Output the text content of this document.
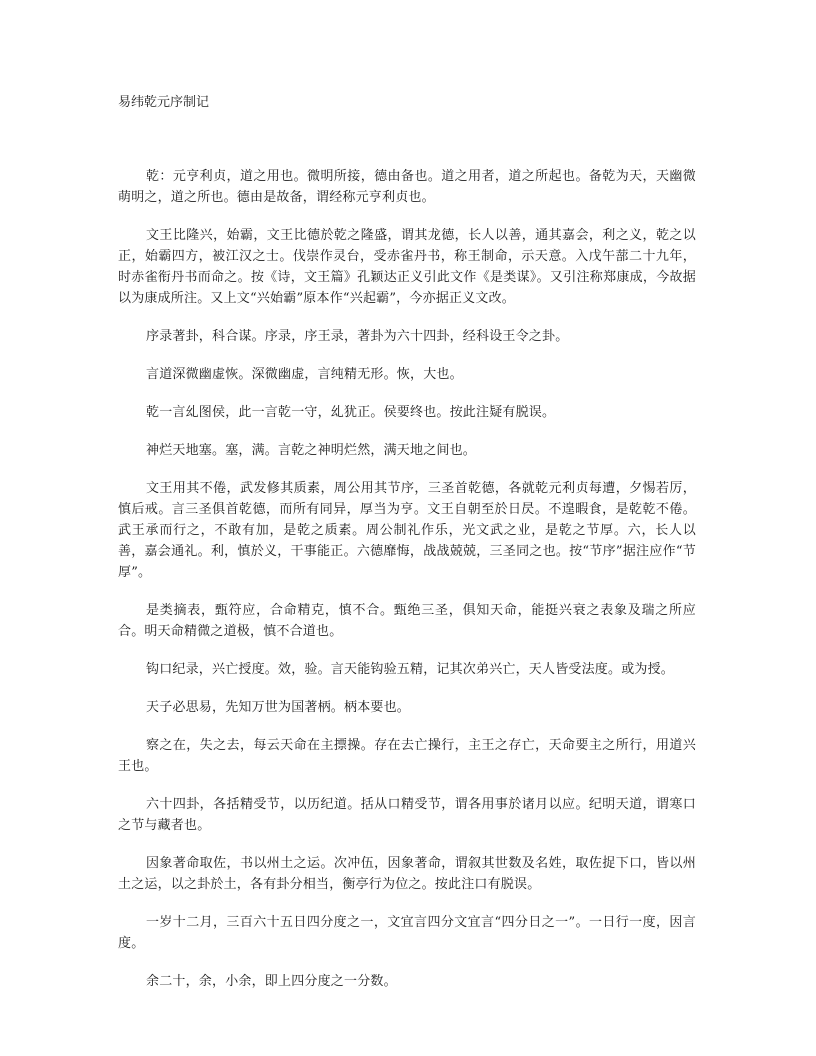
易纬乾元序制记

乾：元亨利贞，道之用也。微明所接，德由备也。道之用者，道之所起也。备乾为天，天幽微萌明之，道之所也。德由是故备，谓经称元亨利贞也。

文王比隆兴，始霸，文王比德於乾之隆盛，谓其龙德，长人以善，通其嘉会，利之义，乾之以正，始霸四方，被江汉之士。伐崇作灵台，受赤雀丹书，称王制命，示天意。入戊午蔀二十九年，时赤雀衔丹书而命之。按《诗，文王篇》孔颖达正义引此文作《是类谋》。又引注称郑康成，今故据以为康成所注。又上文“兴始霸”原本作“兴起霸”，今亦据正义文改。

序录著卦，科合谋。序录，序王录，著卦为六十四卦，经科设王令之卦。

言道深微幽虚恢。深微幽虚，言纯精无形。恢，大也。

乾一言乣图侯，此一言乾一守，乣犹正。侯要终也。按此注疑有脱误。

神烂天地塞。塞，满。言乾之神明烂然，满天地之间也。

文王用其不倦，武发修其质素，周公用其节序，三圣首乾德，各就乾元利贞每遭，夕惕若厉，慎后戒。言三圣俱首乾德，而所有同异，厚当为亨。文王自朝至於日昃。不遑暇食，是乾乾不倦。武王承而行之，不敢有加，是乾之质素。周公制礼作乐，光文武之业，是乾之节厚。六，长人以善，嘉会通礼。利，慎於义，干事能正。六德靡悔，战战兢兢，三圣同之也。按“节序”据注应作“节厚”。

是类摘表，甄符应，合命精克，慎不合。甄绝三圣，俱知天命，能挺兴衰之表象及瑞之所应合。明天命精微之道极，慎不合道也。

钩口纪录，兴亡授度。效，验。言天能钩验五精，记其次弟兴亡，天人皆受法度。或为授。

天子必思易，先知万世为国著柄。柄本要也。

察之在，失之去，每云天命在主摽操。存在去亡操行，主王之存亡，天命要主之所行，用道兴王也。

六十四卦，各括精受节，以历纪道。括从口精受节，谓各用事於诸月以应。纪明天道，谓寒口之节与藏者也。

因象著命取佐，书以州土之运。次冲伍，因象著命，谓叙其世数及名姓，取佐捉下口，皆以州土之运，以之卦於土，各有卦分相当，衡亭行为位之。按此注口有脱误。

一岁十二月，三百六十五日四分度之一，文宜言四分文宜言“四分日之一”。一日行一度，因言度。

余二十，余，小余，即上四分度之一分数。
